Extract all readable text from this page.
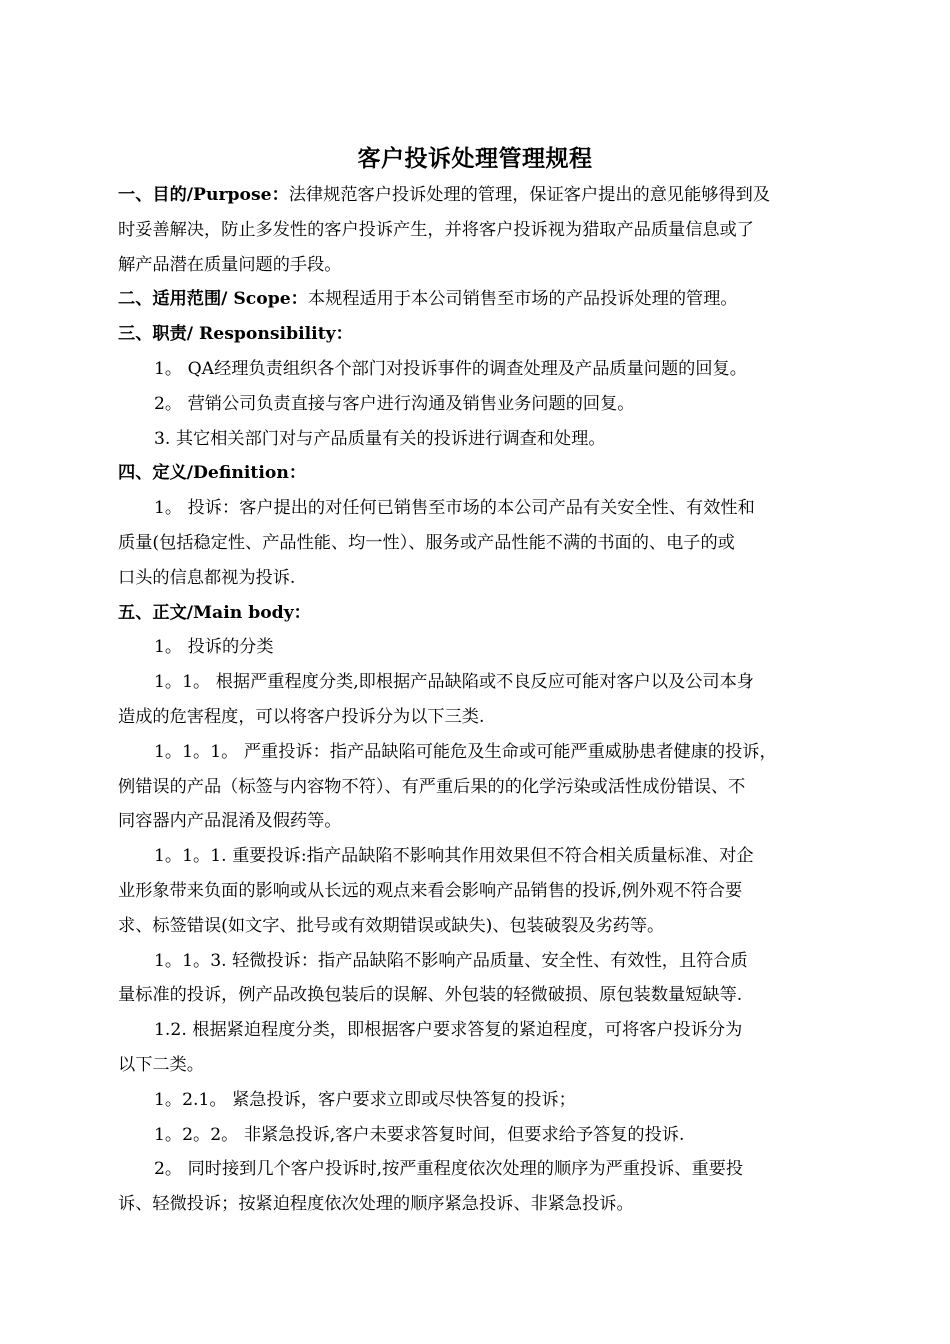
客户投诉处理管理规程
一、目的/Purpose：法律规范客户投诉处理的管理，保证客户提出的意见能够得到及
时妥善解决，防止多发性的客户投诉产生，并将客户投诉视为猎取产品质量信息或了
解产品潜在质量问题的手段。
二、适用范围/ Scope：本规程适用于本公司销售至市场的产品投诉处理的管理。
三、职责/ Responsibility：
1。 QA经理负责组织各个部门对投诉事件的调查处理及产品质量问题的回复。
2。 营销公司负责直接与客户进行沟通及销售业务问题的回复。
3. 其它相关部门对与产品质量有关的投诉进行调查和处理。
四、定义/Definition：
1。 投诉：客户提出的对任何已销售至市场的本公司产品有关安全性、有效性和
质量(包括稳定性、产品性能、均一性）、服务或产品性能不满的书面的、电子的或
口头的信息都视为投诉.
五、正文/Main body：
1。 投诉的分类
1。1。 根据严重程度分类,即根据产品缺陷或不良反应可能对客户以及公司本身
造成的危害程度，可以将客户投诉分为以下三类.
1。1。1。 严重投诉：指产品缺陷可能危及生命或可能严重威胁患者健康的投诉，
例错误的产品（标签与内容物不符）、有严重后果的的化学污染或活性成份错误、不
同容器内产品混淆及假药等。
1。1。1. 重要投诉:指产品缺陷不影响其作用效果但不符合相关质量标准、对企
业形象带来负面的影响或从长远的观点来看会影响产品销售的投诉,例外观不符合要
求、标签错误(如文字、批号或有效期错误或缺失)、包装破裂及劣药等。
1。1。3. 轻微投诉：指产品缺陷不影响产品质量、安全性、有效性，且符合质
量标准的投诉，例产品改换包装后的误解、外包装的轻微破损、原包装数量短缺等.
1.2. 根据紧迫程度分类，即根据客户要求答复的紧迫程度，可将客户投诉分为
以下二类。
1。2.1。 紧急投诉，客户要求立即或尽快答复的投诉；
1。2。2。 非紧急投诉,客户未要求答复时间，但要求给予答复的投诉.
2。 同时接到几个客户投诉时,按严重程度依次处理的顺序为严重投诉、重要投
诉、轻微投诉；按紧迫程度依次处理的顺序紧急投诉、非紧急投诉。
